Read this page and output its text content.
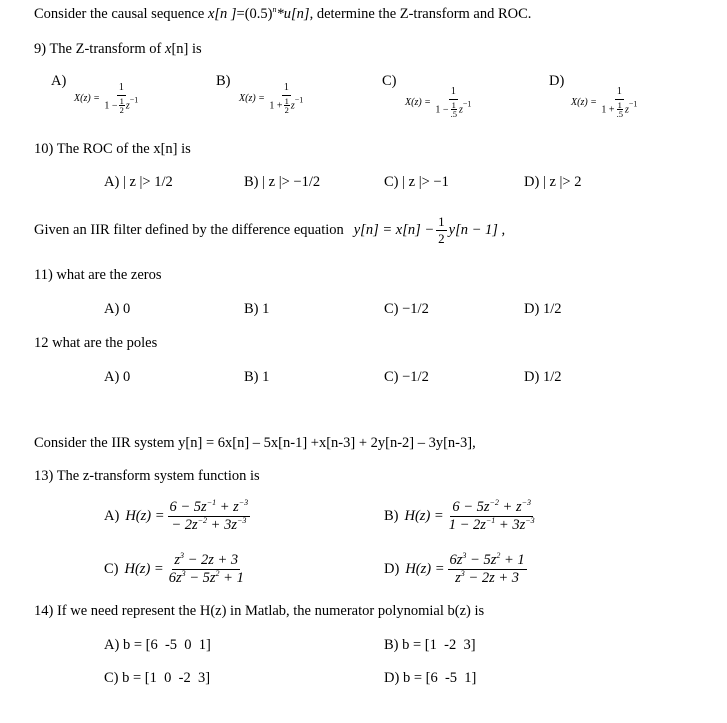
Consider the causal sequence x[n ]$=(0.5)^n*u[n]$, determine the Z-transform and ROC.
9) The Z-transform of x[n] is
A)
$X(z) = \frac{1}{1 - \frac{1}{2} z^{-1}}$
B)
$X(z) = \frac{1}{1 + \frac{1}{2} z^{-1}}$
C)
$X(z) = \frac{1}{1 - \frac{1}{.5} z^{-1}}$
D)
$X(z) = \frac{1}{1 + \frac{1}{.5} z^{-1}}$
10) The ROC of the x[n] is
A) | z |> 1/2	B) | z |> −1/2	C) | z |> −1	D) | z |> 2
Given an IIR filter defined by the difference equation $y[n] = x[n] - \frac{1}{2} y[n - 1]$ ,
11) what are the zeros
A) 0	B) 1	C) −1/2	D) 1/2
12 what are the poles
A) 0	B) 1	C) −1/2	D) 1/2
Consider the IIR system y[n] = 6x[n] – 5x[n-1] +x[n-3] + 2y[n-2] – 3y[n-3],
13) The z-transform system function is
A) $H(z) = \frac{6 - 5z^{-1} + z^{-3}}{- 2z^{-2} + 3z^{-3}}$	B) $H(z) = \frac{6 - 5z^{-2} + z^{-3}}{1 - 2z^{-1} + 3z^{-3}}$
C) $H(z) = \frac{z^3 - 2z + 3}{6z^3 - 5z^2 + 1}$	D) $H(z) = \frac{6z^3 - 5z^2 + 1}{z^3 - 2z + 3}$
14) If we need represent the H(z) in Matlab, the numerator polynomial b(z) is
A) b = [6  -5  0  1]	B) b = [1  -2  3]
C) b = [1  0  -2  3]	D) b = [6  -5  1]
